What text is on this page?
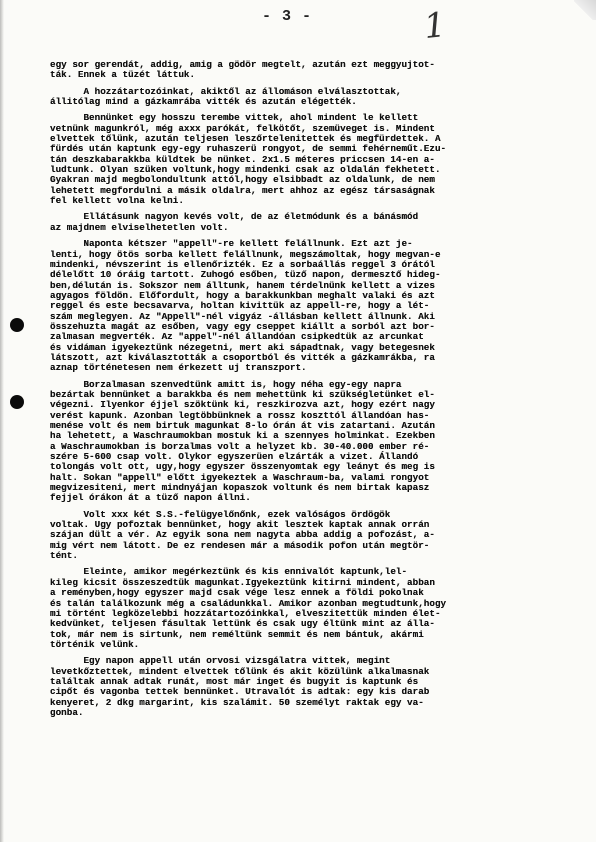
- 3 -	1
egy sor gerendát, addig, amig a gödör megtelt, azután ezt meggyujtot-
ták. Ennek a tüzét láttuk.
A hozzátartozóinkat, akiktől az állomáson elválasztottak,
állitólag mind a gázkamrába vitték és azután elégették.
Bennünket egy hosszu terembe vittek, ahol mindent le kellett
vetnünk magunkról, még axxx parókát, felkötőt, szemüveget is. Mindent
elvettek tőlünk, azután teljesen leszőrtelenitettek és megfürdettek. A
fürdés után kaptunk egy-egy ruhaszerü rongyot, de semmi fehérneműt.Ezu-
tán deszkabarakkba küldtek be nünket. 2x1.5 méteres priccsen 14-en a-
ludtunk. Olyan szüken voltunk,hogy mindenki csak az oldalán fekhetett.
Gyakran majd megbolondultunk attól,hogy elsibbadt az oldalunk, de nem
lehetett megfordulni a másik oldalra, mert ahhoz az egész társaságnak
fel kellett volna kelni.
Ellátásunk nagyon kevés volt, de az életmódunk és a bánásmód
az majdnem elviselhetetlen volt.
Naponta kétszer "appell"-re kellett felállnunk. Ezt azt je-
lenti, hogy ötös sorba kellett felállnunk, megszámoltak, hogy megvan-e
mindenki, névszerint is ellenőrizték. Ez a sorbaállás reggel 3 órától
délelőtt 10 óráig tartott. Zuhogó esőben, tüző napon, dermesztő hideg-
ben,délután is. Sokszor nem álltunk, hanem térdelnünk kellett a vizes
agyagos földön. Előfordult, hogy a barakkunkban meghalt valaki és azt
reggel és este becsavarva, holtan kivittük az appell-re, hogy a lét-
szám meglegyen. Az "Appell"-nél vigyáz -állásban kellett állnunk. Aki
összehuzta magát az esőben, vagy egy cseppet kiállt a sorból azt bor-
zalmasan megverték. Az "appel"-nél állandóan csipkedtük az arcunkat
és vidáman igyekeztünk nézegetni, mert aki sápadtnak, vagy betegesnek
látszott, azt kiválasztották a csoportból és vitték a gázkamrákba, ra
aznap történetesen nem érkezett uj transzport.
Borzalmasan szenvedtünk amitt is, hogy néha egy-egy napra
bezártak bennünket a barakkba és nem mehettünk ki szükségletünket el-
végezni. Ilyenkor éjjel szöktünk ki, reszkirozva azt, hogy ezért nagy
verést kapunk. Azonban legtöbbünknek a rossz koszttól állandóan has-
menése volt és nem birtuk magunkat 8-lo órán át vis zatartani. Azután
ha lehetett, a Waschraumokban mostuk ki a szennyes holminkat. Ezekben
a Waschraumokban is borzalmas volt a helyzet kb. 30-40.000 ember ré-
szére 5-600 csap volt. Olykor egyszerüen elzárták a vizet. Állandó
tolongás volt ott, ugy,hogy egyszer összenyomtak egy leányt és meg is
halt. Sokan "appell" előtt igyekeztek a Waschraum-ba, valami rongyot
megvizesiteni, mert mindnyájan kopaszok voltunk és nem birtak kapasz
fejjel órákon át a tüző napon állni.
Volt xxx két S.S.-felügyelőnőnk, ezek valóságos ördögök
voltak. Ugy pofoztak bennünket, hogy akit lesztek kaptak annak orrán
szájan dült a vér. Az egyik sona nem nagyta abba addig a pofozást, a-
mig vért nem látott. De ez rendesen már a második pofon után megtör-
tént.
Eleinte, amikor megérkeztünk és kis ennivalót kaptunk,lel-
kileg kicsit összeszedtük magunkat.Igyekeztünk kitirni mindent, abban
a reményben,hogy egyszer majd csak vége lesz ennek a földi pokolnak
és talán találkozunk még a családunkkal. Amikor azonban megtudtunk,hogy
mi történt legközelebbi hozzátartozóinkkal, elveszitettük minden élet-
kedvünket, teljesen fásultak lettünk és csak ugy éltünk mint az álla-
tok, már nem is sirtunk, nem reméltünk semmit és nem bántuk, akármi
történik velünk.
Egy napon appell után orvosi vizsgálatra vittek, megint
levetkőztettek, mindent elvettek tőlünk és akit közülünk alkalmasnak
találtak annak adtak runát, most már inget és bugyit is kaptunk és
cipőt és vagonba tettek bennünket. Utravalót is adtak: egy kis darab
kenyeret, 2 dkg margarint, kis szalámit. 50 személyt raktak egy va-
gonba.
